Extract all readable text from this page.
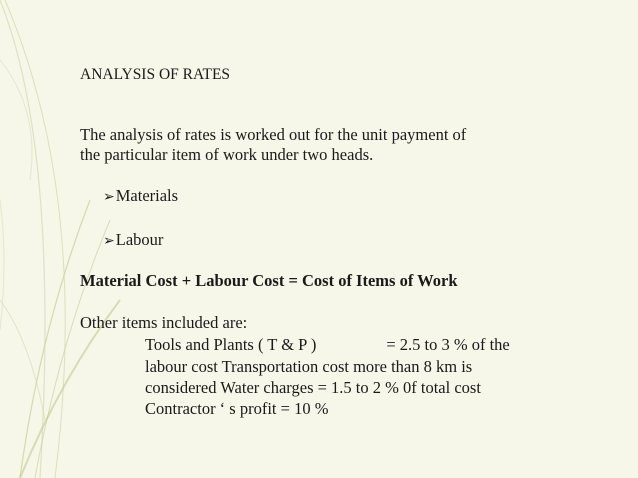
ANALYSIS OF RATES
The analysis of rates is worked out for the unit payment of
the particular item of work under two heads.
➢Materials
➢Labour
Material Cost + Labour Cost = Cost of Items of Work
Other items included are:
Tools and Plants ( T & P )	= 2.5 to 3 % of the
labour cost Transportation cost more than 8 km is
considered Water charges = 1.5 to 2 % 0f total cost
Contractor ‘ s profit = 10 %
